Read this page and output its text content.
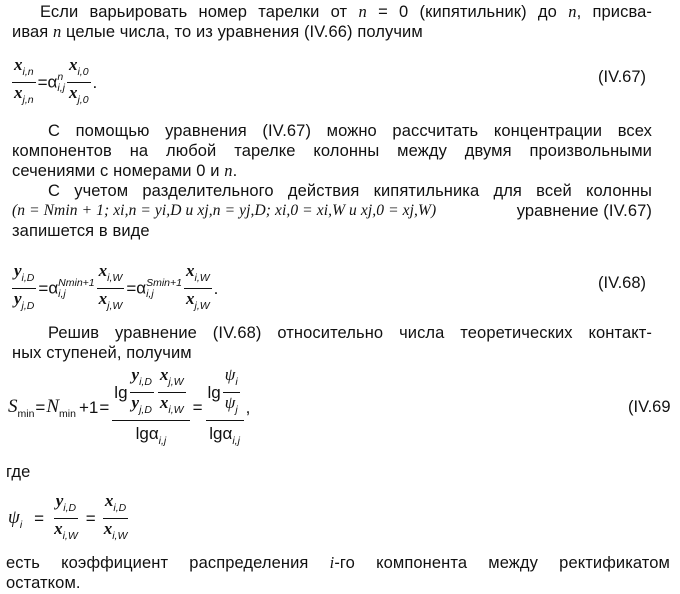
Если варьировать номер тарелки от n = 0 (кипятильник) до n, присва-
ивая n целые числа, то из уравнения (IV.66) получим
$\frac{x_{i,n}}{x_{j,n}} = \alpha$ n
$i,j \frac{x_{i,0}}{x_{j,0}}$ .	(IV.67)
С помощью уравнения (IV.67) можно рассчитать концентрации всех
компонентов на любой тарелке колонны между двумя произвольными
сечениями с номерами 0 и n.
С учетом разделительного действия кипятильника для всей колонны
(n = Nmin + 1; xi,n = yi,D и xj,n = yj,D; xi,0 = xi,W и xj,0 = xj,W)	уравнение (IV.67)
запишется в виде
$\frac{y_{i,D}}{y_{j,D}} = \alpha$ Nmin+1
i,j	$\frac{x_{i,W}}{x_{j,W}} = \alpha$ Smin+1
i,j	$\frac{x_{i,W}}{x_{j,W}}$ .	(IV.68)
Решив уравнение (IV.68) относительно числа теоретических контакт-
ных ступеней, получим
$S_{min} = N_{min} +1$ =
$\lg \frac{y_{i,D}}{y_{j,D}} \frac{x_{j,W}}{x_{i,W}}$
lgα$_{i,j}$
= $\frac{\lg \frac{\psi_i}{\psi_j}}{\lg\alpha_{i,j}}$ ,	(IV.69
где
$\psi_i = \frac{y_{i,D}}{x_{i,W}} = \frac{x_{i,D}}{x_{i,W}}$
есть коэффициент распределения i-го компонента между ректификатом
остатком.
